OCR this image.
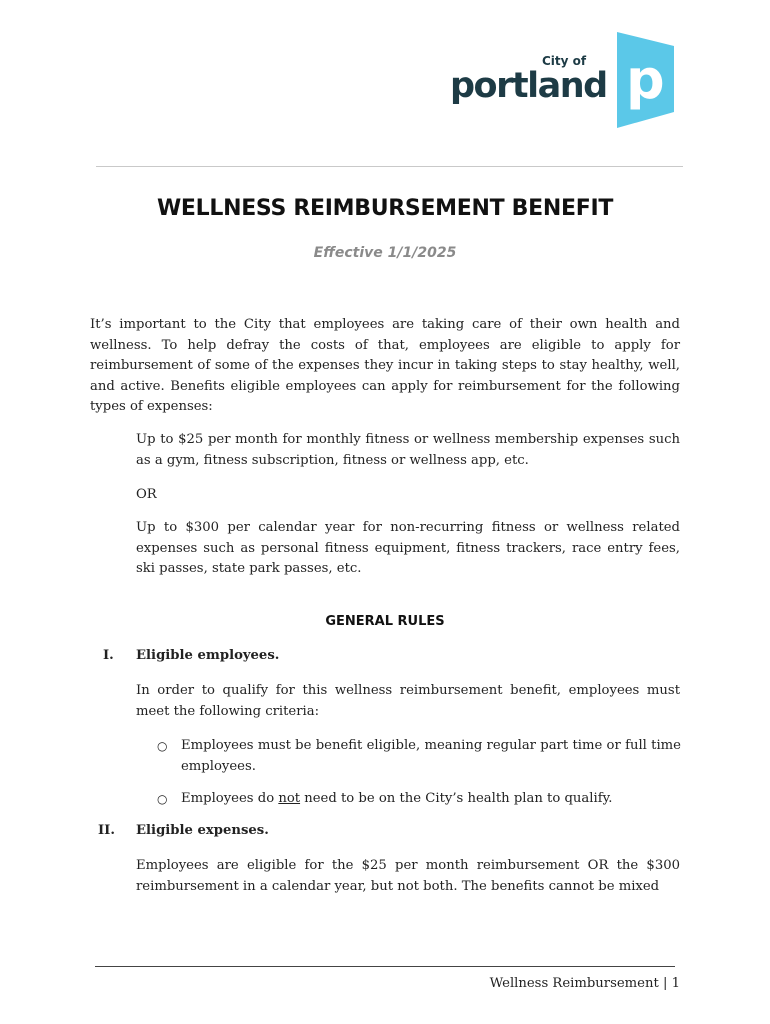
City of
portland p
WELLNESS REIMBURSEMENT BENEFIT
Effective 1/1/2025
It’s important to the City that employees are taking care of their own health and wellness. To help defray the costs of that, employees are eligible to apply for reimbursement of some of the expenses they incur in taking steps to stay healthy, well, and active. Benefits eligible employees can apply for reimbursement for the following types of expenses:
Up to $25 per month for monthly fitness or wellness membership expenses such as a gym, fitness subscription, fitness or wellness app, etc.
OR
Up to $300 per calendar year for non-recurring fitness or wellness related expenses such as personal fitness equipment, fitness trackers, race entry fees, ski passes, state park passes, etc.
GENERAL RULES
I. Eligible employees.
In order to qualify for this wellness reimbursement benefit, employees must meet the following criteria:
○ Employees must be benefit eligible, meaning regular part time or full time employees.
○ Employees do not need to be on the City’s health plan to qualify.
II. Eligible expenses.
Employees are eligible for the $25 per month reimbursement OR the $300 reimbursement in a calendar year, but not both. The benefits cannot be mixed
Wellness Reimbursement | 1
